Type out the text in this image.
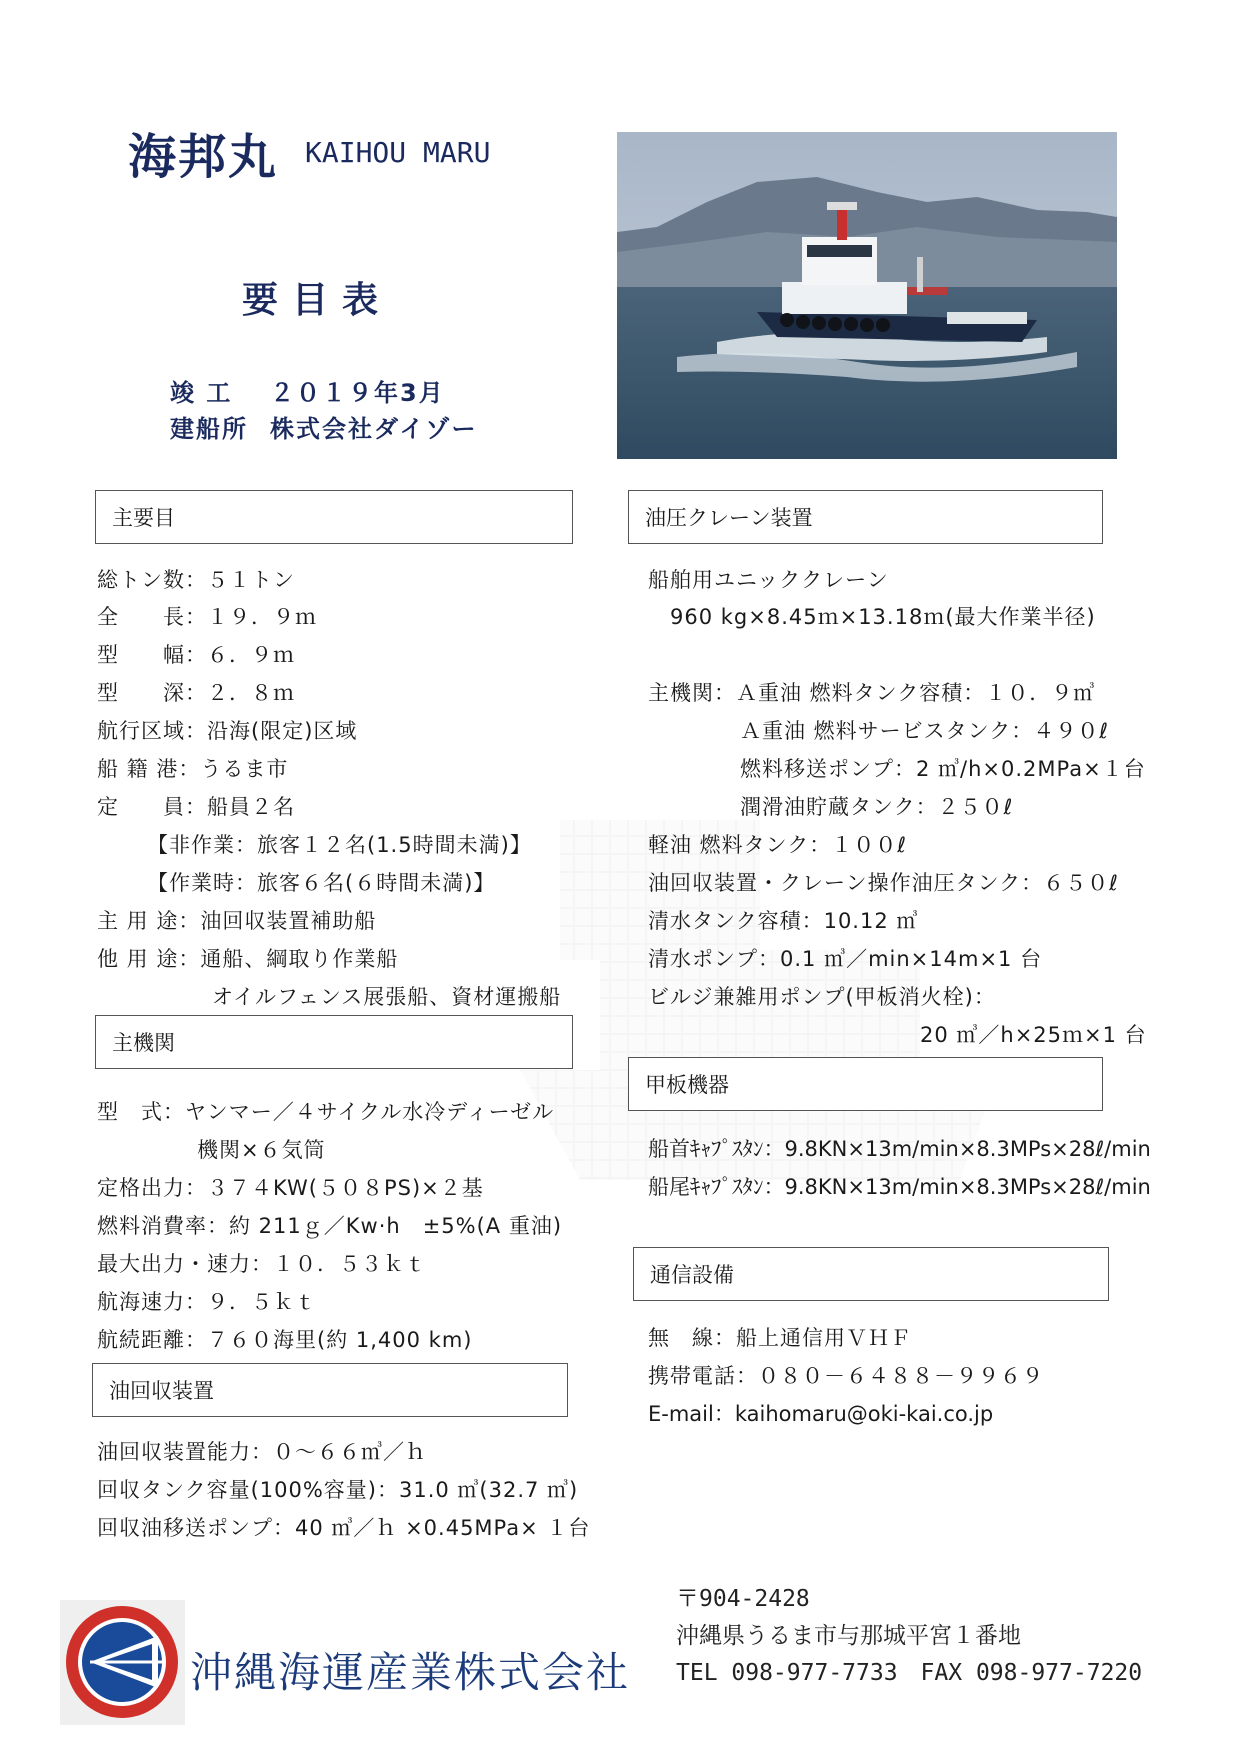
海邦丸 KAIHOU MARU
要目表
竣 工 ２０１９年3月
建船所 株式会社ダイゾー
主要目
総トン数：５１トン
全　　長：１９．９ｍ
型　　幅：６．９ｍ
型　　深：２．８ｍ
航行区域：沿海(限定)区域
船 籍 港：うるま市
定　　員：船員２名
【非作業：旅客１２名(1.5時間未満)】
【作業時：旅客６名(６時間未満)】
主 用 途：油回収装置補助船
他 用 途：通船、綱取り作業船
オイルフェンス展張船、資材運搬船
主機関
型　式：ヤンマー／４サイクル水冷ディーゼル
機関×６気筒
定格出力：３７４KW(５０８PS)×２基
燃料消費率：約 211ｇ／Kw·h　±5%(A 重油)
最大出力・速力：１０．５３ｋｔ
航海速力：９．５ｋｔ
航続距離：７６０海里(約 1,400 km)
油回収装置
油回収装置能力：０～６６㎥／ｈ
回収タンク容量(100%容量)：31.0 ㎥(32.7 ㎥)
回収油移送ポンプ：40 ㎥／ｈ ×0.45MPa× １台
油圧クレーン装置
船舶用ユニッククレーン
960 kg×8.45ｍ×13.18ｍ(最大作業半径)
主機関：Ａ重油 燃料タンク容積：１０．９㎥
Ａ重油 燃料サービスタンク：４９０ℓ
燃料移送ポンプ：2 ㎥/h×0.2MPa×１台
潤滑油貯蔵タンク：２５０ℓ
軽油 燃料タンク：１００ℓ
油回収装置・クレーン操作油圧タンク：６５０ℓ
清水タンク容積：10.12 ㎥
清水ポンプ：0.1 ㎥／min×14m×1 台
ビルジ兼雑用ポンプ(甲板消火栓)：
20 ㎥／h×25ｍ×1 台
甲板機器
船首ｷｬﾌﾟｽﾀﾝ：9.8KN×13m/min×8.3MPs×28ℓ/min
船尾ｷｬﾌﾟｽﾀﾝ：9.8KN×13m/min×8.3MPs×28ℓ/min
通信設備
無　線：船上通信用ＶＨＦ
携帯電話：０８０－６４８８－９９６９
E-mail：kaihomaru@oki-kai.co.jp
沖縄海運産業株式会社
〒904-2428
沖縄県うるま市与那城平宮１番地
TEL 098-977-7733　FAX 098-977-7220
